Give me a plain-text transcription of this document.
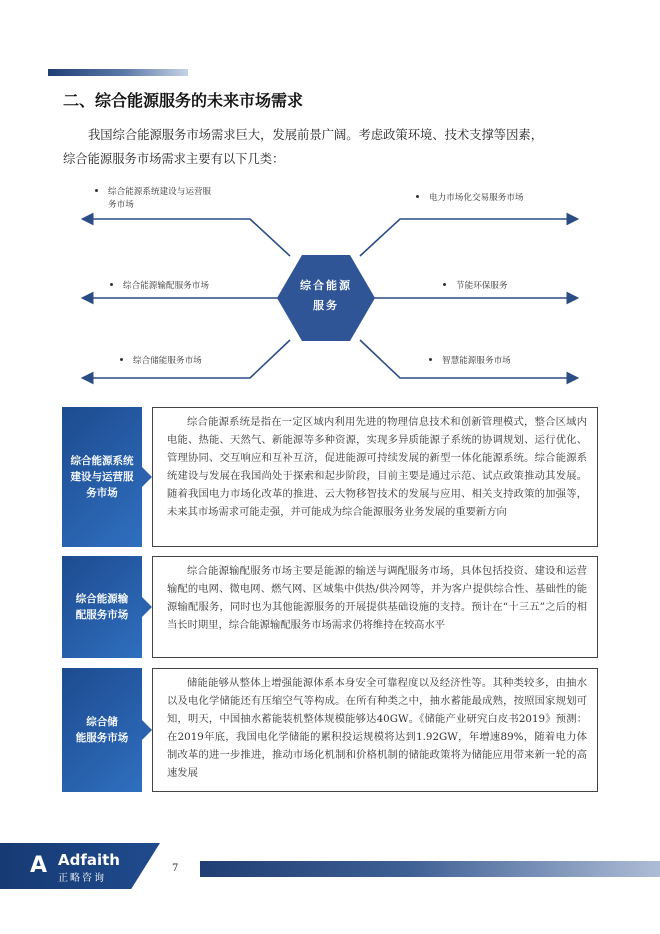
二、综合能源服务的未来市场需求
我国综合能源服务市场需求巨大，发展前景广阔。考虑政策环境、技术支撑等因素，
综合能源服务市场需求主要有以下几类：
综合能源
服务
综合能源系统建设与运营服
务市场
综合能源输配服务市场
综合储能服务市场
电力市场化交易服务市场
节能环保服务
智慧能源服务市场
综合能源系统
建设与运营服
务市场
综合能源系统是指在一定区域内利用先进的物理信息技术和创新管理模式，整合区域内电能、热能、天然气、新能源等多种资源，实现多异质能源子系统的协调规划、运行优化、管理协同、交互响应和互补互济，促进能源可持续发展的新型一体化能源系统。综合能源系统建设与发展在我国尚处于探索和起步阶段，目前主要是通过示范、试点政策推动其发展。随着我国电力市场化改革的推进、云大物移智技术的发展与应用、相关支持政策的加强等，未来其市场需求可能走强，并可能成为综合能源服务业务发展的重要新方向
综合能源输
配服务市场
综合能源输配服务市场主要是能源的输送与调配服务市场，具体包括投资、建设和运营输配的电网、微电网、燃气网、区域集中供热/供冷网等，并为客户提供综合性、基础性的能源输配服务，同时也为其他能源服务的开展提供基础设施的支持。预计在“十三五”之后的相当长时期里，综合能源输配服务市场需求仍将维持在较高水平
综合储
能服务市场
储能能够从整体上增强能源体系本身安全可靠程度以及经济性等。其种类较多，由抽水以及电化学储能还有压缩空气等构成。在所有种类之中，抽水蓄能最成熟，按照国家规划可知，明天，中国抽水蓄能装机整体规模能够达40GW。《储能产业研究白皮书2019》预测：在2019年底，我国电化学储能的累积投运规模将达到1.92GW，年增速89%，随着电力体制改革的进一步推进，推动市场化机制和价格机制的储能政策将为储能应用带来新一轮的高速发展
A Adfaith
正略咨询
7
